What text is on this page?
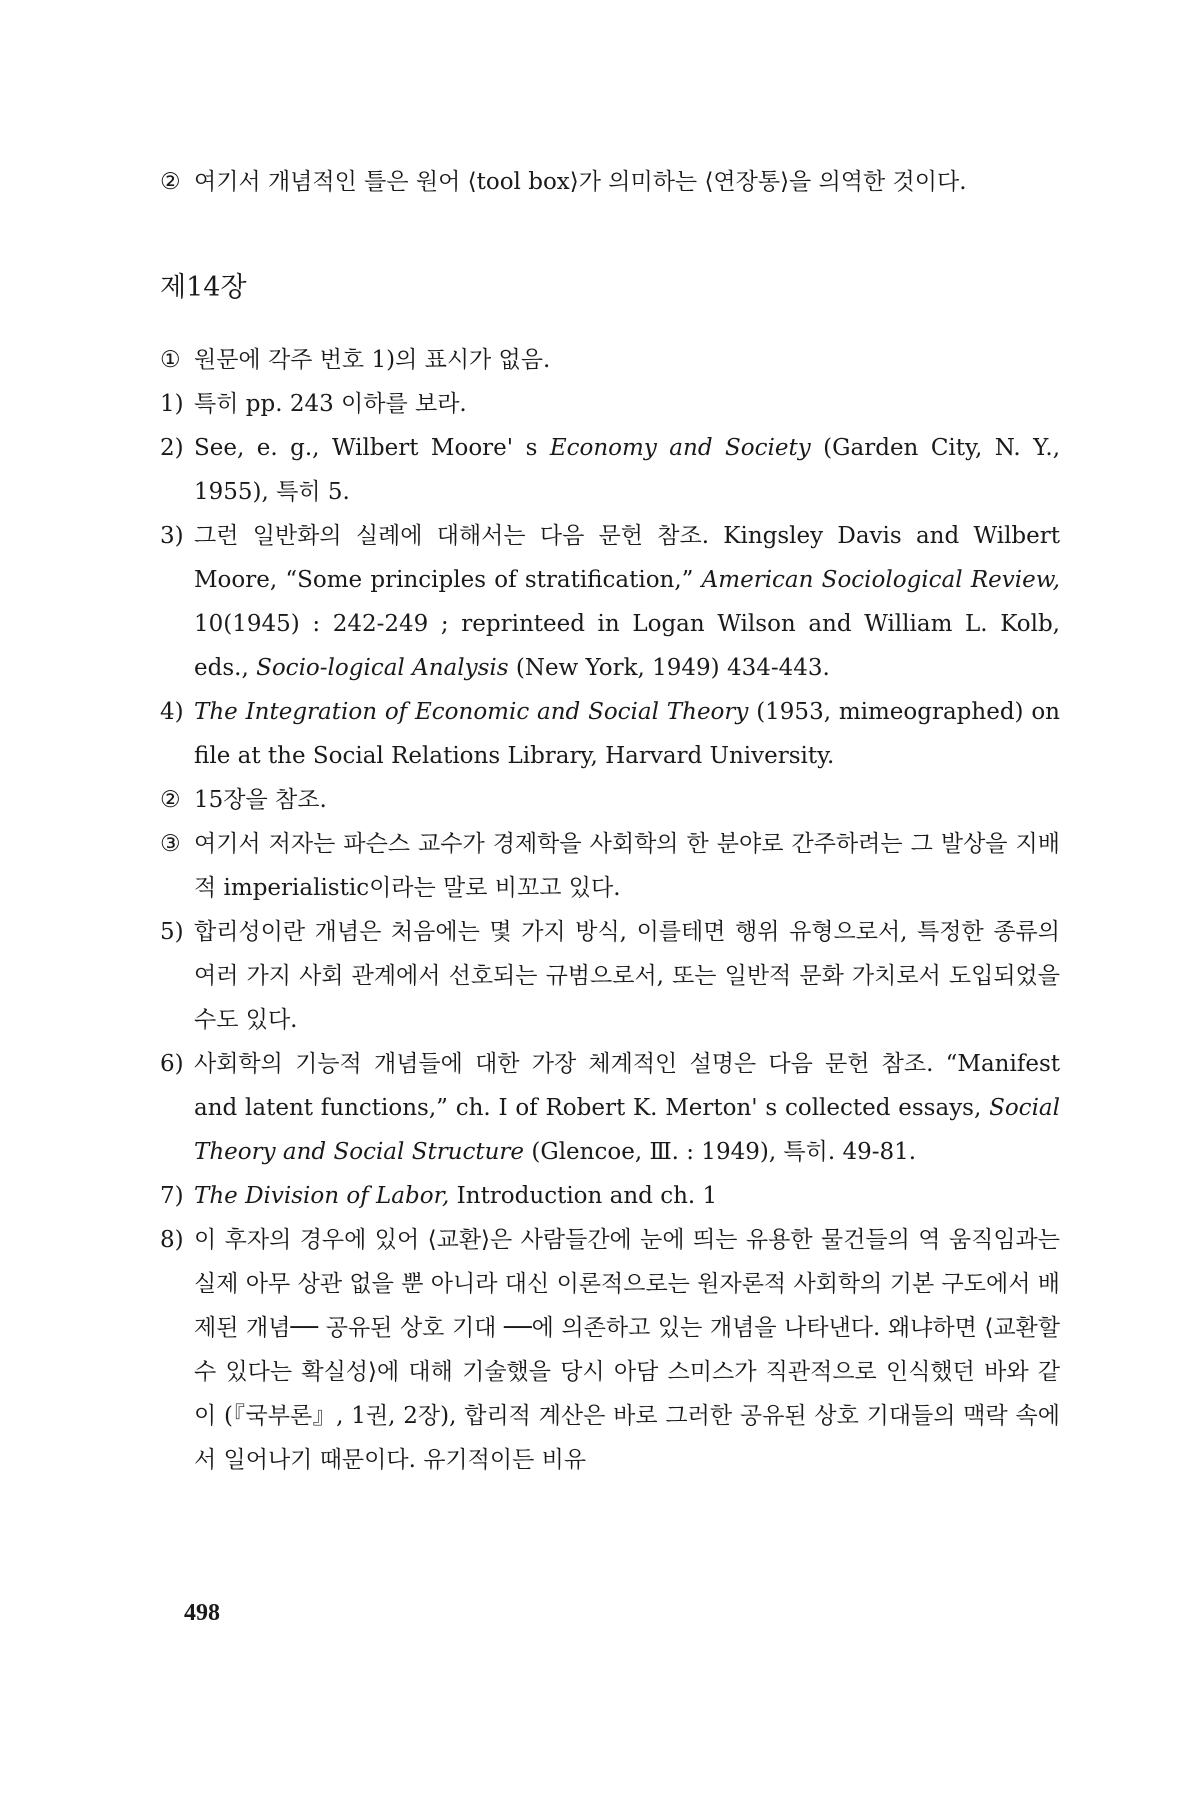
② 여기서 개념적인 틀은 원어 ⟨tool box⟩가 의미하는 ⟨연장통⟩을 의역한 것이다.

제14장
① 원문에 각주 번호 1)의 표시가 없음.
1) 특히 pp. 243 이하를 보라.
2) See, e. g., Wilbert Moore' s Economy and Society (Garden City, N. Y., 1955), 특히 5.
3) 그런 일반화의 실례에 대해서는 다음 문헌 참조. Kingsley Davis and Wilbert Moore, “Some principles of stratification,” American Sociological Review, 10(1945) : 242-249 ; reprinteed in Logan Wilson and William L. Kolb, eds., Socio-logical Analysis (New York, 1949) 434-443.
4) The Integration of Economic and Social Theory (1953, mimeographed) on file at the Social Relations Library, Harvard University.
② 15장을 참조.
③ 여기서 저자는 파슨스 교수가 경제학을 사회학의 한 분야로 간주하려는 그 발상을 지배적 imperialistic이라는 말로 비꼬고 있다.
5) 합리성이란 개념은 처음에는 몇 가지 방식, 이를테면 행위 유형으로서, 특정한 종류의 여러 가지 사회 관계에서 선호되는 규범으로서, 또는 일반적 문화 가치로서 도입되었을 수도 있다.
6) 사회학의 기능적 개념들에 대한 가장 체계적인 설명은 다음 문헌 참조. “Manifest and latent functions,” ch. I of Robert K. Merton' s collected essays, Social Theory and Social Structure (Glencoe, Ⅲ. : 1949), 특히. 49-81.
7) The Division of Labor, Introduction and ch. 1
8) 이 후자의 경우에 있어 ⟨교환⟩은 사람들간에 눈에 띄는 유용한 물건들의 역 움직임과는 실제 아무 상관 없을 뿐 아니라 대신 이론적으로는 원자론적 사회학의 기본 구도에서 배제된 개념── 공유된 상호 기대 ──에 의존하고 있는 개념을 나타낸다. 왜냐하면 ⟨교환할 수 있다는 확실성⟩에 대해 기술했을 당시 아담 스미스가 직관적으로 인식했던 바와 같이 (『국부론』, 1권, 2장), 합리적 계산은 바로 그러한 공유된 상호 기대들의 맥락 속에서 일어나기 때문이다. 유기적이든 비유
498
